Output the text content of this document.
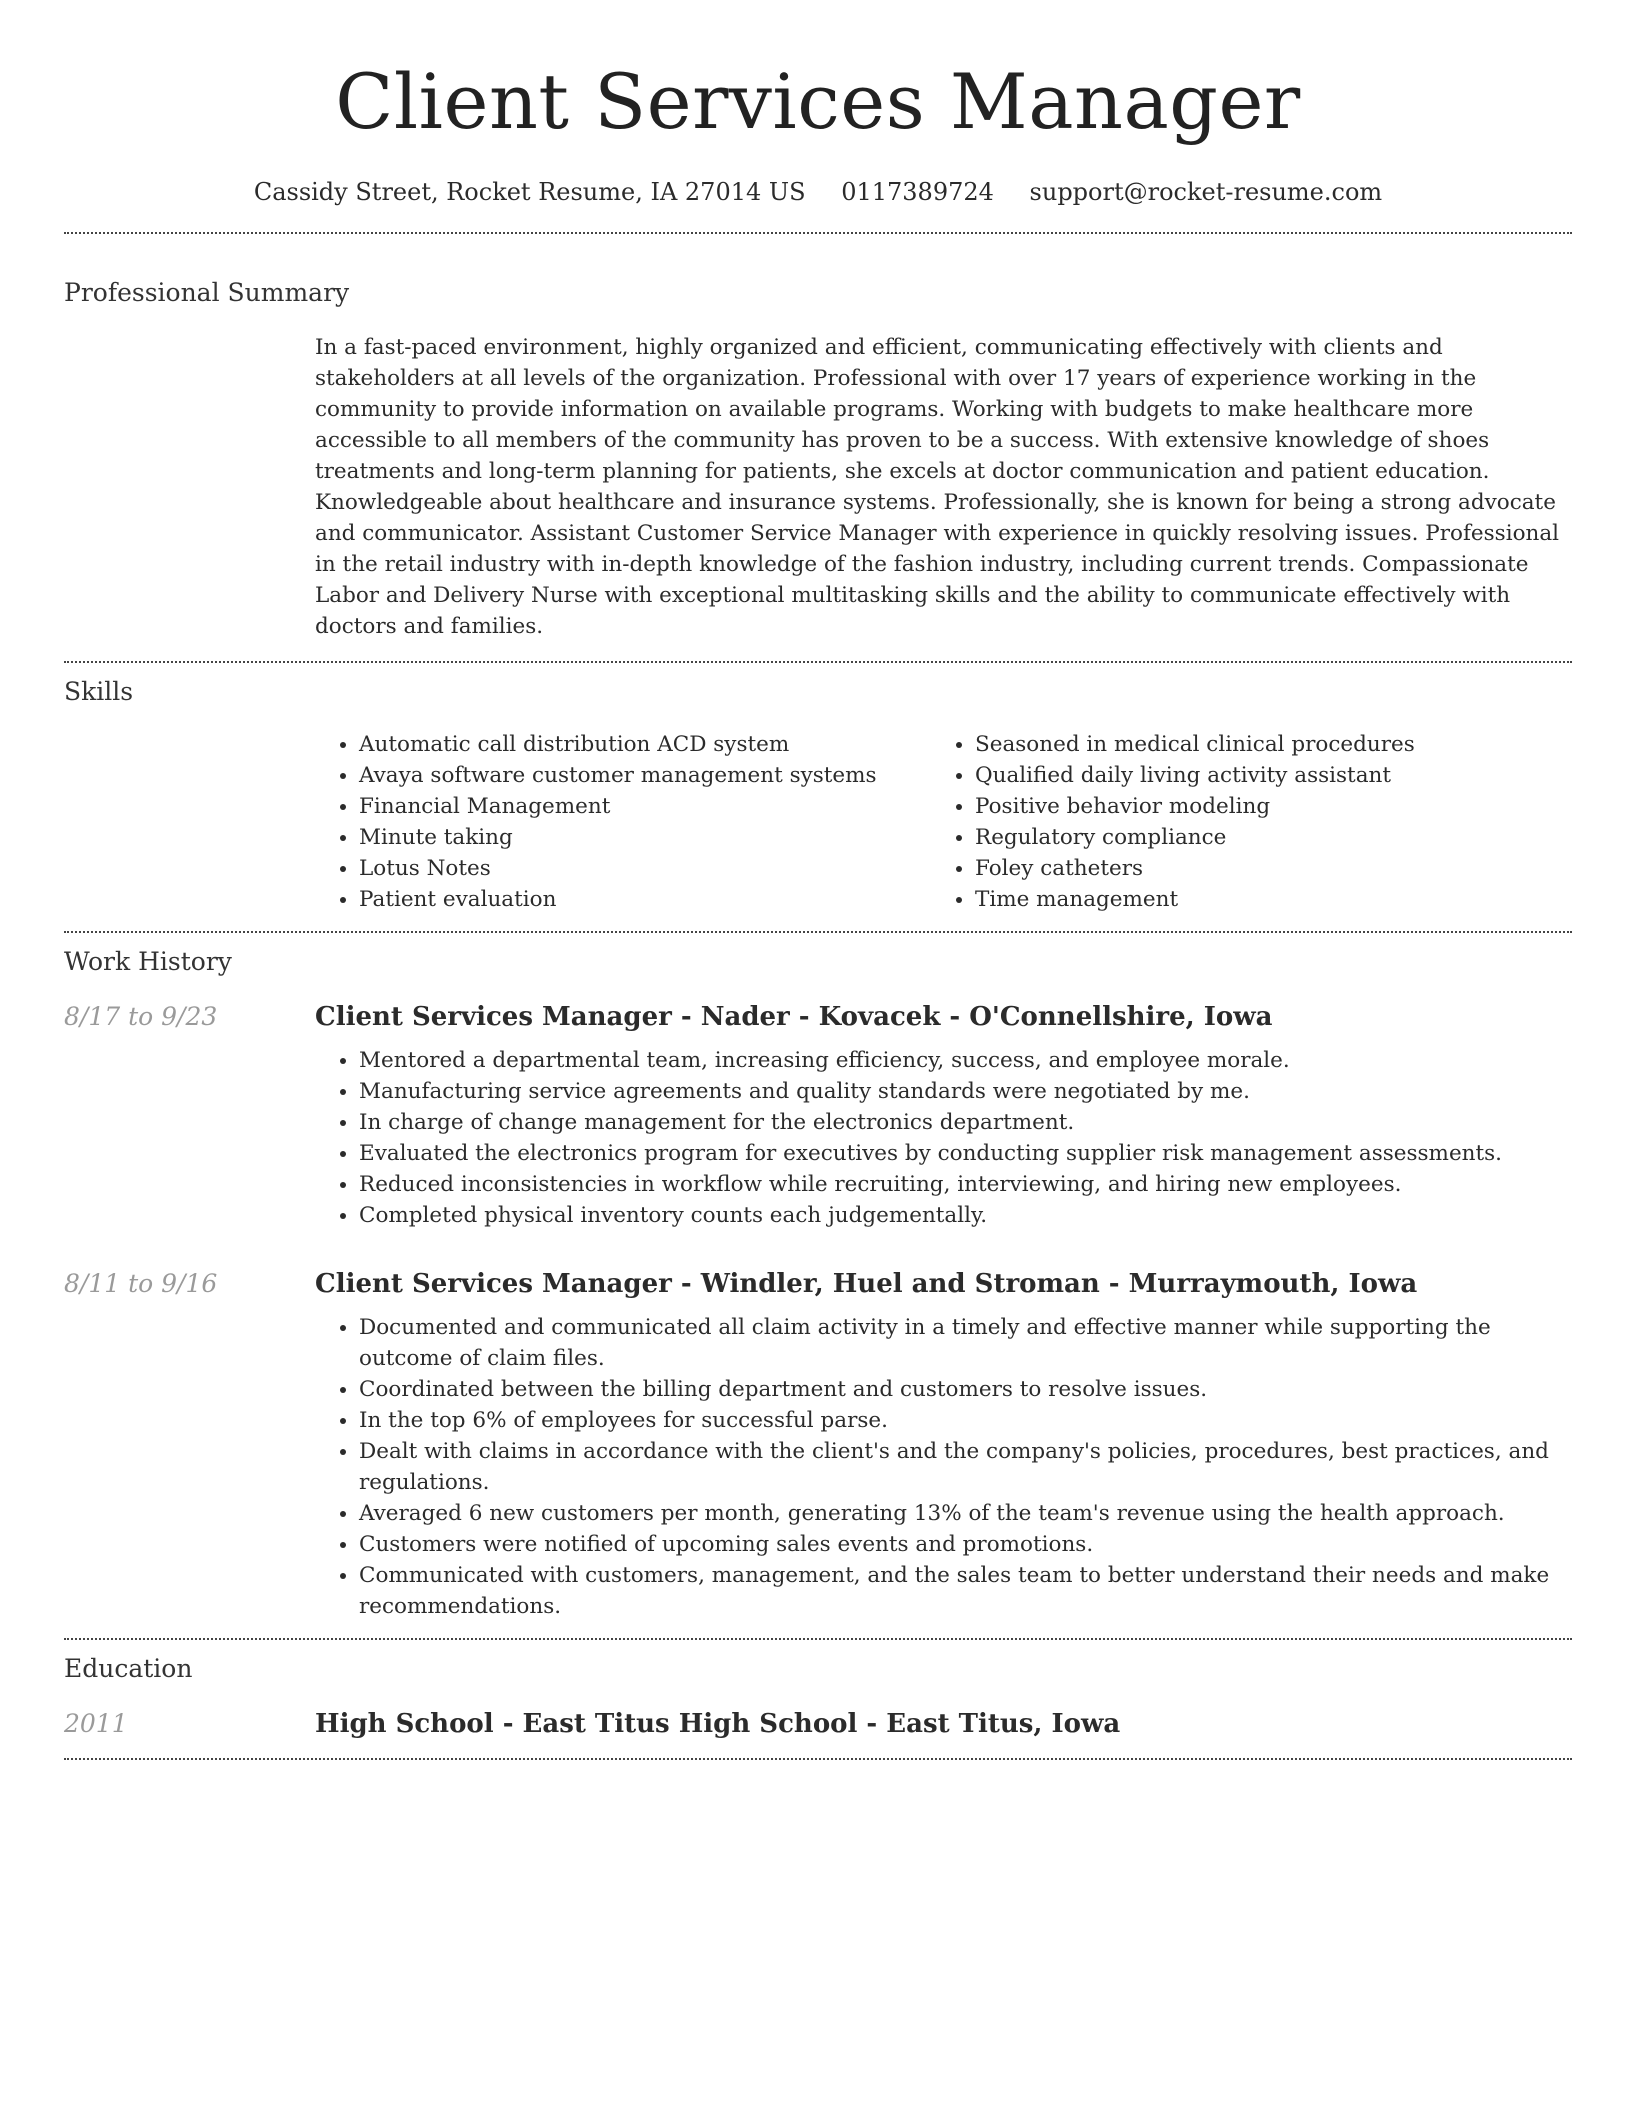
Client Services Manager
Cassidy Street, Rocket Resume, IA 27014 US 0117389724 support@rocket-resume.com
Professional Summary

In a fast-paced environment, highly organized and efficient, communicating effectively with clients and stakeholders at all levels of the organization. Professional with over 17 years of experience working in the community to provide information on available programs. Working with budgets to make healthcare more accessible to all members of the community has proven to be a success. With extensive knowledge of shoes treatments and long-term planning for patients, she excels at doctor communication and patient education. Knowledgeable about healthcare and insurance systems. Professionally, she is known for being a strong advocate and communicator. Assistant Customer Service Manager with experience in quickly resolving issues. Professional in the retail industry with in-depth knowledge of the fashion industry, including current trends. Compassionate Labor and Delivery Nurse with exceptional multitasking skills and the ability to communicate effectively with doctors and families.

Skills
• Automatic call distribution ACD system
• Avaya software customer management systems
• Financial Management
• Minute taking
• Lotus Notes
• Patient evaluation
• Seasoned in medical clinical procedures
• Qualified daily living activity assistant
• Positive behavior modeling
• Regulatory compliance
• Foley catheters
• Time management
Work History
8/17 to 9/23	Client Services Manager - Nader - Kovacek - O'Connellshire, Iowa
• Mentored a departmental team, increasing efficiency, success, and employee morale.
• Manufacturing service agreements and quality standards were negotiated by me.
• In charge of change management for the electronics department.
• Evaluated the electronics program for executives by conducting supplier risk management assessments.
• Reduced inconsistencies in workflow while recruiting, interviewing, and hiring new employees.
• Completed physical inventory counts each judgementally.
8/11 to 9/16	Client Services Manager - Windler, Huel and Stroman - Murraymouth, Iowa
• Documented and communicated all claim activity in a timely and effective manner while supporting the outcome of claim files.
• Coordinated between the billing department and customers to resolve issues.
• In the top 6% of employees for successful parse.
• Dealt with claims in accordance with the client's and the company's policies, procedures, best practices, and regulations.
• Averaged 6 new customers per month, generating 13% of the team's revenue using the health approach.
• Customers were notified of upcoming sales events and promotions.
• Communicated with customers, management, and the sales team to better understand their needs and make recommendations.
Education
2011	High School - East Titus High School - East Titus, Iowa
